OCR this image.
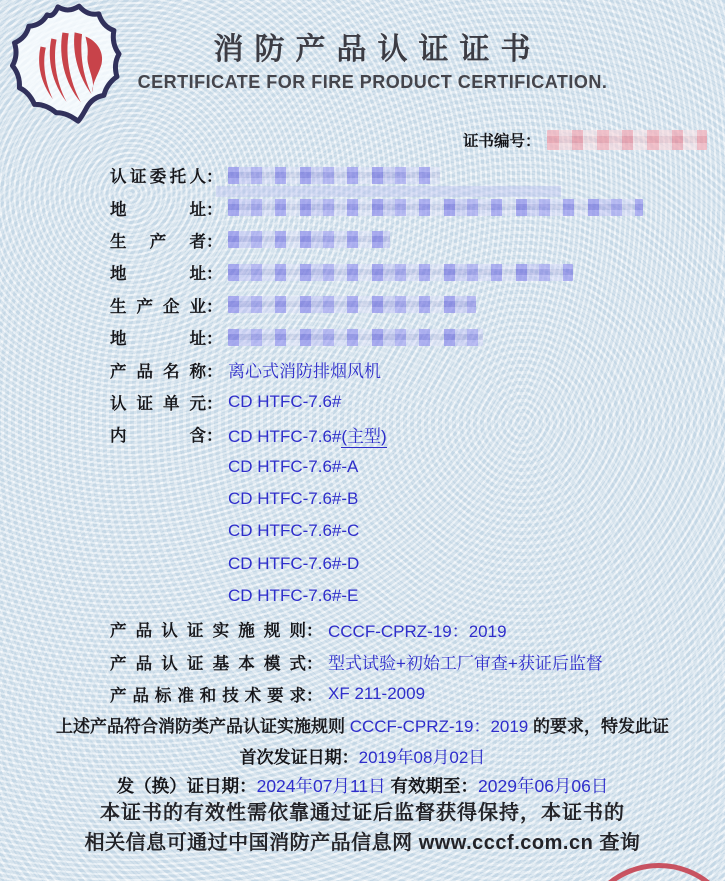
消防产品认证证书
CERTIFICATE FOR FIRE PRODUCT CERTIFICATION.
证书编号 ：
认证委托人 ：
地址 ：
生产者 ：
地址 ：
生产企业 ：
地址 ：
产品名称 ： 离心式消防排烟风机
认证单元 ： CD HTFC-7.6#
内含 ： CD HTFC-7.6#(主型)
CD HTFC-7.6#-A
CD HTFC-7.6#-B
CD HTFC-7.6#-C
CD HTFC-7.6#-D
CD HTFC-7.6#-E
产品认证实施规则 ： CCCF-CPRZ-19：2019
产品认证基本模式 ： 型式试验+初始工厂审查+获证后监督
产品标准和技术要求 ： XF 211-2009
上述产品符合消防类产品认证实施规则 CCCF-CPRZ-19：2019 的要求，特发此证
首次发证日期：2019年08月02日
发（换）证日期：2024年07月11日 有效期至：2029年06月06日
本证书的有效性需依靠通过证后监督获得保持，本证书的
相关信息可通过中国消防产品信息网 www.cccf.com.cn 查询
